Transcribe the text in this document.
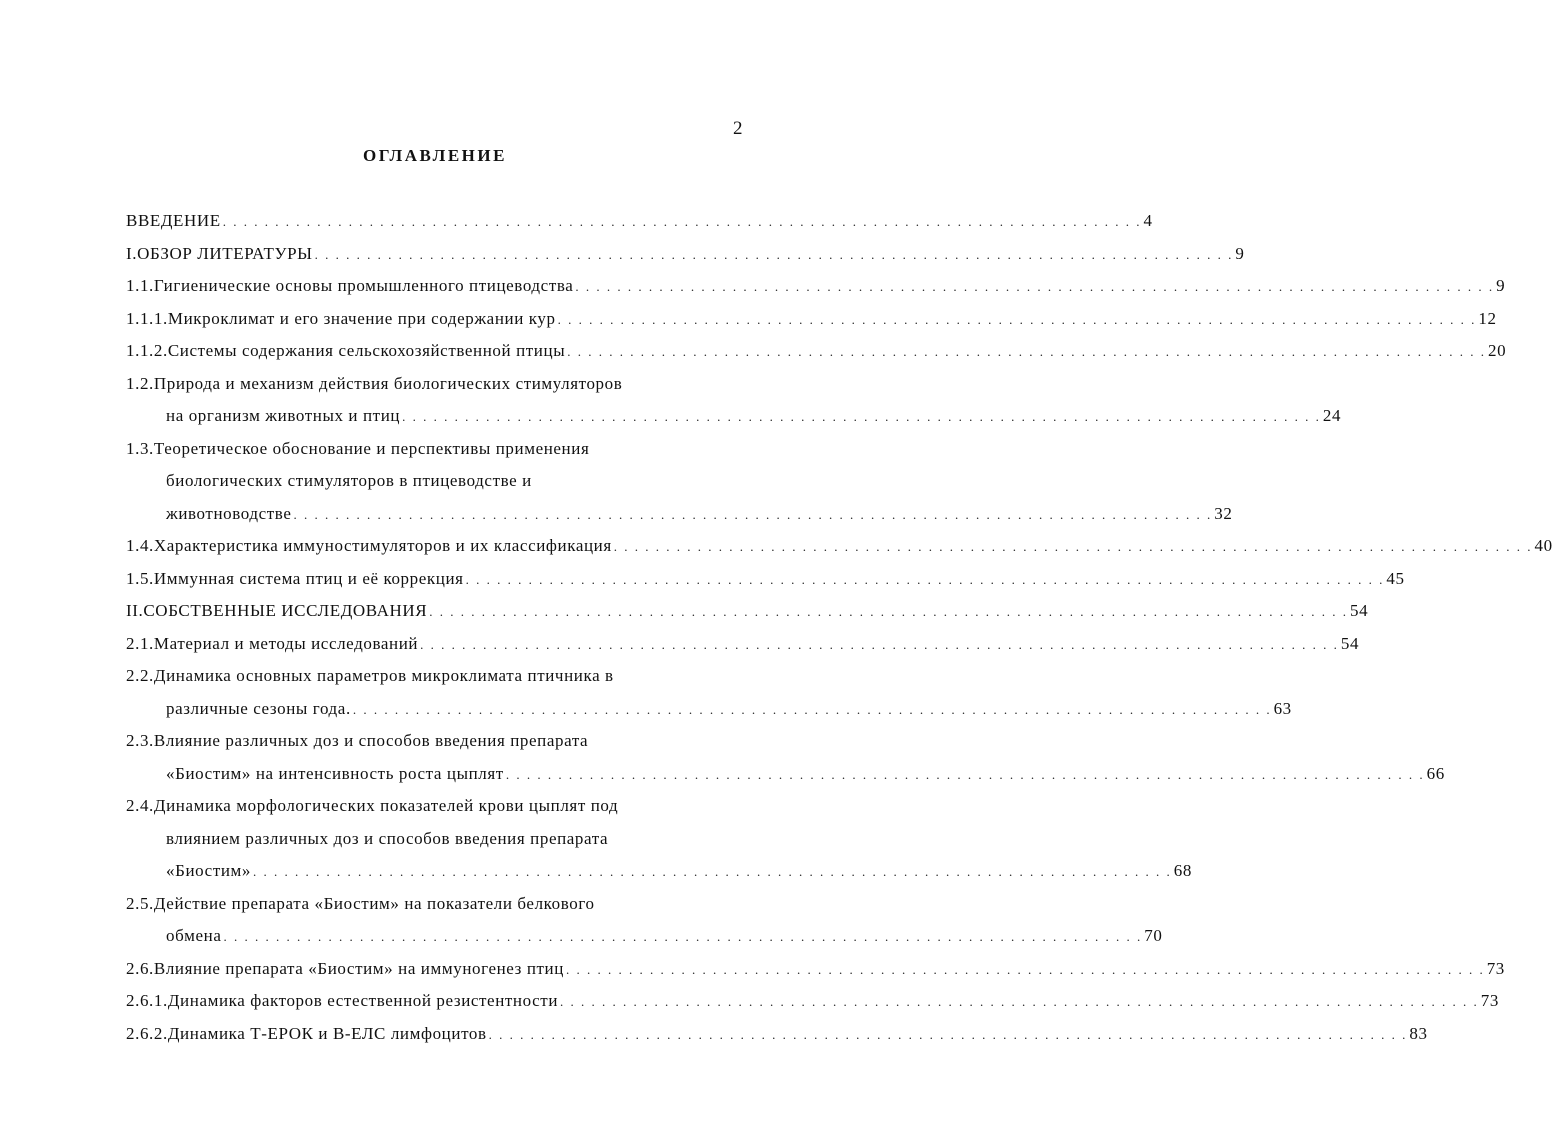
2
ОГЛАВЛЕНИЕ
ВВЕДЕНИЕ . . . . . . . . . . . . . . . . . . . . . . . . . . . . . . . . . . . . . . . . . . . . . . . . . . . . . . . . . . . . . . . . . . . . . . . . . . . . . . . . . . . . . . . . 4
I.ОБЗОР ЛИТЕРАТУРЫ . . . . . . . . . . . . . . . . . . . . . . . . . . . . . . . . . . . . . . . . . . . . . . . . . . . . . . . . . . . . . . . . . . . . . . . . . . . . . . . . . . . . . . . . 9
1.1.Гигиенические основы промышленного птицеводства . . . . . . . . . . . . . . . . . . . . . . . . . . . . . . . . . . . . . . . . . . . . . . . . . . . . . . . . . . . . . . . . . . . . . . . . . . . . . . . . . . . . . . . . 9
1.1.1.Микроклимат и его значение при содержании кур . . . . . . . . . . . . . . . . . . . . . . . . . . . . . . . . . . . . . . . . . . . . . . . . . . . . . . . . . . . . . . . . . . . . . . . . . . . . . . . . . . . . . . . . 12
1.1.2.Системы содержания сельскохозяйственной птицы . . . . . . . . . . . . . . . . . . . . . . . . . . . . . . . . . . . . . . . . . . . . . . . . . . . . . . . . . . . . . . . . . . . . . . . . . . . . . . . . . . . . . . . . 20
1.2.Природа и механизм действия биологических стимуляторов
на организм животных и птиц . . . . . . . . . . . . . . . . . . . . . . . . . . . . . . . . . . . . . . . . . . . . . . . . . . . . . . . . . . . . . . . . . . . . . . . . . . . . . . . . . . . . . . . . 24
1.3.Теоретическое обоснование и перспективы применения
биологических стимуляторов в птицеводстве и
животноводстве . . . . . . . . . . . . . . . . . . . . . . . . . . . . . . . . . . . . . . . . . . . . . . . . . . . . . . . . . . . . . . . . . . . . . . . . . . . . . . . . . . . . . . . . 32
1.4.Характеристика иммуностимуляторов и их классификация . . . . . . . . . . . . . . . . . . . . . . . . . . . . . . . . . . . . . . . . . . . . . . . . . . . . . . . . . . . . . . . . . . . . . . . . . . . . . . . . . . . . . . . . 40
1.5.Иммунная система птиц и её коррекция . . . . . . . . . . . . . . . . . . . . . . . . . . . . . . . . . . . . . . . . . . . . . . . . . . . . . . . . . . . . . . . . . . . . . . . . . . . . . . . . . . . . . . . . 45
II.СОБСТВЕННЫЕ ИССЛЕДОВАНИЯ . . . . . . . . . . . . . . . . . . . . . . . . . . . . . . . . . . . . . . . . . . . . . . . . . . . . . . . . . . . . . . . . . . . . . . . . . . . . . . . . . . . . . . . . 54
2.1.Материал и методы исследований . . . . . . . . . . . . . . . . . . . . . . . . . . . . . . . . . . . . . . . . . . . . . . . . . . . . . . . . . . . . . . . . . . . . . . . . . . . . . . . . . . . . . . . . 54
2.2.Динамика основных параметров микроклимата птичника в
различные сезоны года. . . . . . . . . . . . . . . . . . . . . . . . . . . . . . . . . . . . . . . . . . . . . . . . . . . . . . . . . . . . . . . . . . . . . . . . . . . . . . . . . . . . . . . . . 63
2.3.Влияние различных доз и способов введения препарата
«Биостим» на интенсивность роста цыплят . . . . . . . . . . . . . . . . . . . . . . . . . . . . . . . . . . . . . . . . . . . . . . . . . . . . . . . . . . . . . . . . . . . . . . . . . . . . . . . . . . . . . . . . 66
2.4.Динамика морфологических показателей крови цыплят под
влиянием различных доз и способов введения препарата
«Биостим» . . . . . . . . . . . . . . . . . . . . . . . . . . . . . . . . . . . . . . . . . . . . . . . . . . . . . . . . . . . . . . . . . . . . . . . . . . . . . . . . . . . . . . . . 68
2.5.Действие препарата «Биостим» на показатели белкового
обмена . . . . . . . . . . . . . . . . . . . . . . . . . . . . . . . . . . . . . . . . . . . . . . . . . . . . . . . . . . . . . . . . . . . . . . . . . . . . . . . . . . . . . . . . 70
2.6.Влияние препарата «Биостим» на иммуногенез птиц . . . . . . . . . . . . . . . . . . . . . . . . . . . . . . . . . . . . . . . . . . . . . . . . . . . . . . . . . . . . . . . . . . . . . . . . . . . . . . . . . . . . . . . . 73
2.6.1.Динамика факторов естественной резистентности . . . . . . . . . . . . . . . . . . . . . . . . . . . . . . . . . . . . . . . . . . . . . . . . . . . . . . . . . . . . . . . . . . . . . . . . . . . . . . . . . . . . . . . . 73
2.6.2.Динамика Т-ЕРОК и В-ЕЛС лимфоцитов . . . . . . . . . . . . . . . . . . . . . . . . . . . . . . . . . . . . . . . . . . . . . . . . . . . . . . . . . . . . . . . . . . . . . . . . . . . . . . . . . . . . . . . . 83
